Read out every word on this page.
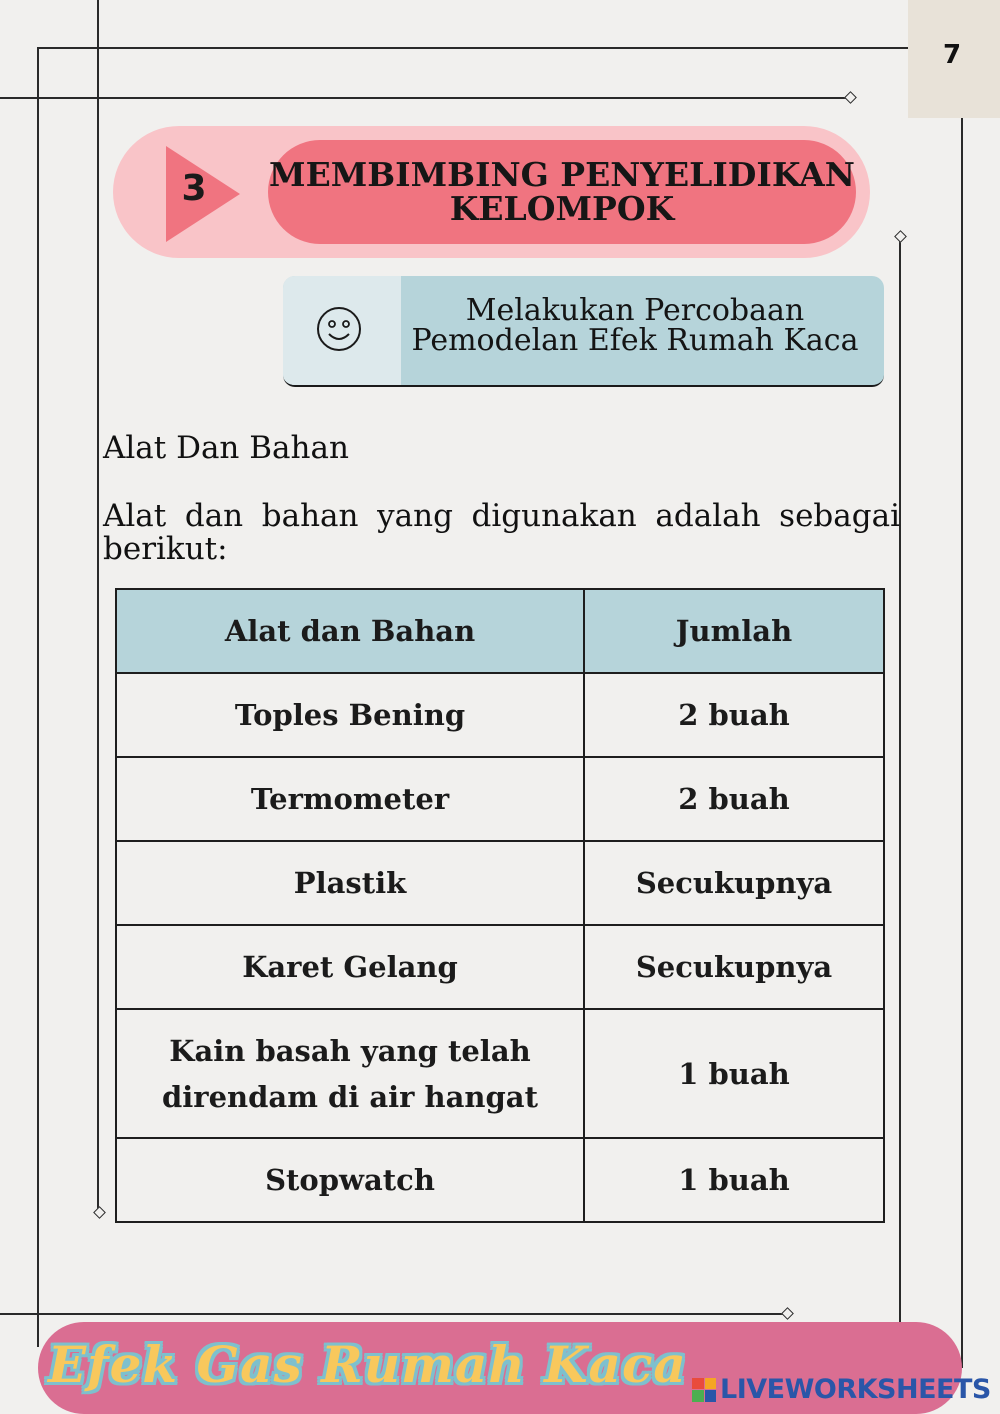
7
3	MEMBIMBING PENYELIDIKAN
KELOMPOK
Melakukan Percobaan
Pemodelan Efek Rumah Kaca
Alat Dan Bahan
Alat dan bahan yang digunakan adalah sebagai berikut:
Alat dan Bahan	Jumlah
Toples Bening	2 buah
Termometer	2 buah
Plastik	Secukupnya
Karet Gelang	Secukupnya
Kain basah yang telah direndam di air hangat	1 buah
Stopwatch	1 buah
Efek Gas Rumah Kaca LIVEWORKSHEETS
